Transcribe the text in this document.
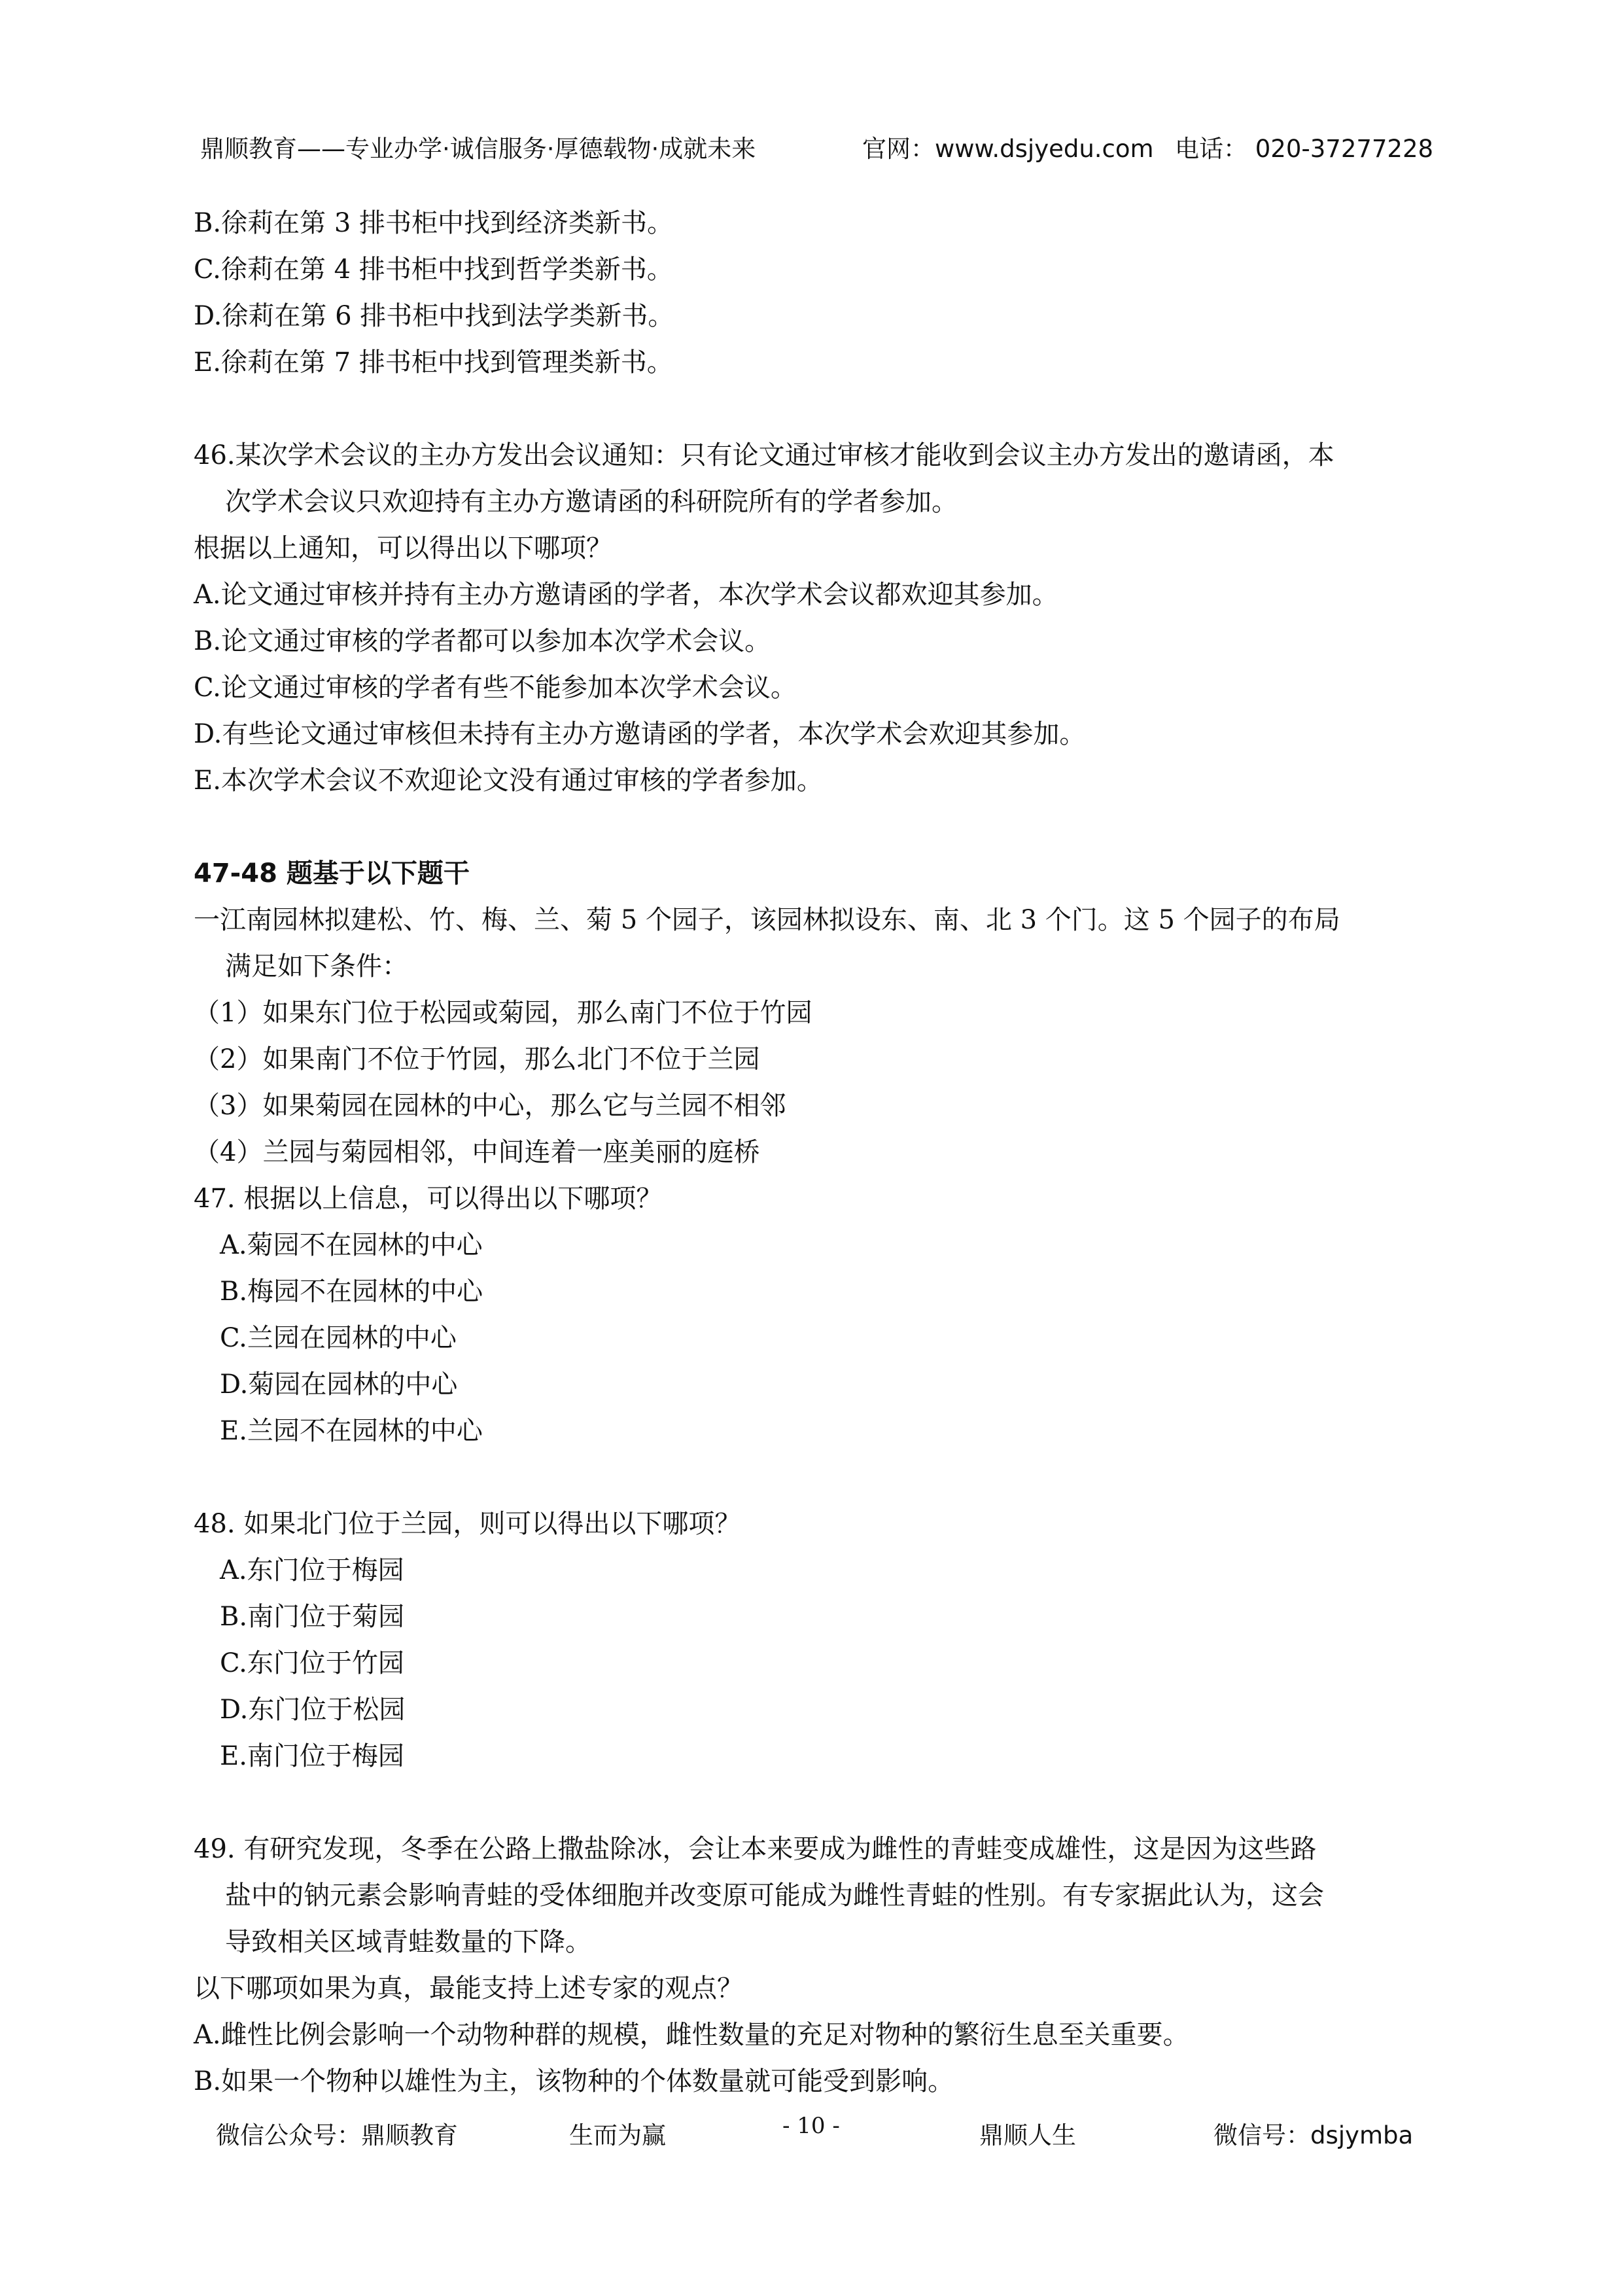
鼎顺教育——专业办学·诚信服务·厚德载物·成就未来	官网：www.dsjyedu.com 电话： 020-37277228
B.徐莉在第 3 排书柜中找到经济类新书。
C.徐莉在第 4 排书柜中找到哲学类新书。
D.徐莉在第 6 排书柜中找到法学类新书。
E.徐莉在第 7 排书柜中找到管理类新书。
46.某次学术会议的主办方发出会议通知：只有论文通过审核才能收到会议主办方发出的邀请函，本
次学术会议只欢迎持有主办方邀请函的科研院所有的学者参加。
根据以上通知，可以得出以下哪项？
A.论文通过审核并持有主办方邀请函的学者，本次学术会议都欢迎其参加。
B.论文通过审核的学者都可以参加本次学术会议。
C.论文通过审核的学者有些不能参加本次学术会议。
D.有些论文通过审核但未持有主办方邀请函的学者，本次学术会欢迎其参加。
E.本次学术会议不欢迎论文没有通过审核的学者参加。
47-48 题基于以下题干
一江南园林拟建松、竹、梅、兰、菊 5 个园子，该园林拟设东、南、北 3 个门。这 5 个园子的布局
满足如下条件：
（1）如果东门位于松园或菊园，那么南门不位于竹园
（2）如果南门不位于竹园，那么北门不位于兰园
（3）如果菊园在园林的中心，那么它与兰园不相邻
（4）兰园与菊园相邻，中间连着一座美丽的庭桥
47. 根据以上信息，可以得出以下哪项？
A.菊园不在园林的中心
B.梅园不在园林的中心
C.兰园在园林的中心
D.菊园在园林的中心
E.兰园不在园林的中心
48. 如果北门位于兰园，则可以得出以下哪项？
A.东门位于梅园
B.南门位于菊园
C.东门位于竹园
D.东门位于松园
E.南门位于梅园
49. 有研究发现，冬季在公路上撒盐除冰，会让本来要成为雌性的青蛙变成雄性，这是因为这些路
盐中的钠元素会影响青蛙的受体细胞并改变原可能成为雌性青蛙的性别。有专家据此认为，这会
导致相关区域青蛙数量的下降。
以下哪项如果为真，最能支持上述专家的观点？
A.雌性比例会影响一个动物种群的规模，雌性数量的充足对物种的繁衍生息至关重要。
B.如果一个物种以雄性为主，该物种的个体数量就可能受到影响。
微信公众号：鼎顺教育	生而为赢	- 10 -	鼎顺人生	微信号：dsjymba
